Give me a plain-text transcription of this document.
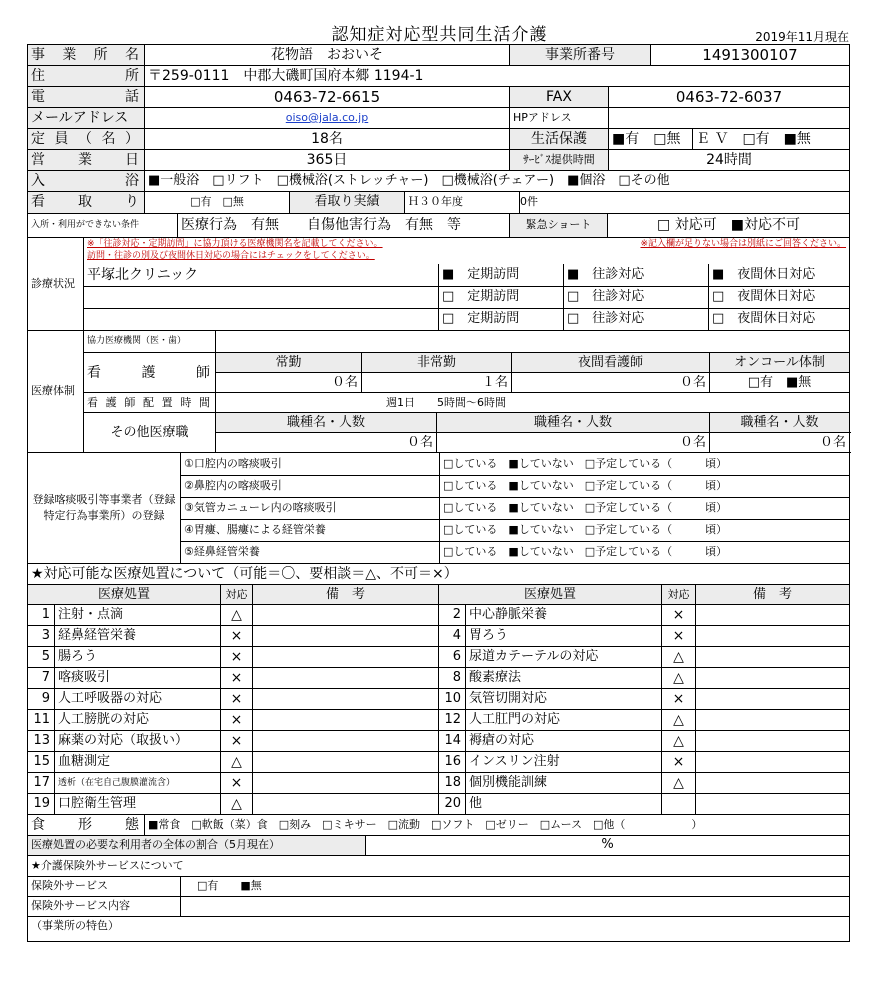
認知症対応型共同生活介護	2019年11月現在
事業所名	花物語　おおいそ	事業所番号		1491300107	
住所	〒259-0111　中郡大磯町国府本郷 1194-1				
電話	0463-72-6615	FAX	0463-72-6037		
メールアドレス	oiso@jala.co.jp	HPアドレス			
定員（名）	18名	生活保護	■有　□無		Ｅ Ｖ　 □有　■無
営業日	365日	ｻｰﾋﾞｽ提供時間	24時間		
入浴	■一般浴　□リフト　□機械浴(ストレッチャー)　□機械浴(チェアー)　■個浴　□その他				
看取り	□有　□無	看取り実績	Ｈ３０年度	0件
入所・利用ができない条件	医療行為　有無　　自傷他害行為　有無　等	緊急ショート	□ 対応可　■対応不可
診療状況	※「往診対応・定期訪問」に協力頂ける医療機関名を記載してください。 ※記入欄が足りない場合は別紙にご回答ください。

訪問・往診の別及び夜間休日対応の場合にはチェックをしてください。			
	平塚北クリニック	■　定期訪問	■　往診対応	■　夜間休日対応
		□　定期訪問	□　往診対応	□　夜間休日対応
		□　定期訪問	□　往診対応	□　夜間休日対応
医療体制	協力医療機関（医・歯）					
	看護師	常勤	非常勤		夜間看護師	オンコール体制
		０名	１名		０名	□有　■無
	看護師配置時間	週1日　　5時間～6時間				
	その他医療職	職種名・人数		職種名・人数		職種名・人数
		０名		０名		０名
登録喀痰吸引等事業者（登録特定行為事業所）の登録	①口腔内の喀痰吸引	□している　■していない　□予定している（　　　頃）
	②鼻腔内の喀痰吸引	□している　■していない　□予定している（　　　頃）
	③気管カニューレ内の喀痰吸引	□している　■していない　□予定している（　　　頃）
	④胃瘻、腸瘻による経管栄養	□している　■していない　□予定している（　　　頃）
	⑤経鼻経管栄養	□している　■していない　□予定している（　　　頃）
★対応可能な医療処置について（可能＝〇、要相談＝△、不可＝×）							
医療処置		対応	備　考	医療処置		対応	備　考
1	注射・点滴	△		2	中心静脈栄養	×	
3	経鼻経管栄養	×		4	胃ろう	×	
5	腸ろう	×		6	尿道カテーテルの対応	△	
7	喀痰吸引	×		8	酸素療法	△	
9	人工呼吸器の対応	×		10	気管切開対応	×	
11	人工膀胱の対応	×		12	人工肛門の対応	△	
13	麻薬の対応（取扱い）	×		14	褥瘡の対応	△	
15	血糖測定	△		16	インスリン注射	×	
17	透析（在宅自己腹膜灌流含）	×		18	個別機能訓練	△	
19	口腔衛生管理	△		20	他		
食形態	■常食　□軟飯（菜）食　□刻み　□ミキサー　□流動　□ソフト　□ゼリー　□ムース　□他（　　　　　　）
医療処置の必要な利用者の全体の割合（5月現在）	%
★介護保険外サービスについて	
保険外サービス	□有　　■無
保険外サービス内容	
（事業所の特色）	
